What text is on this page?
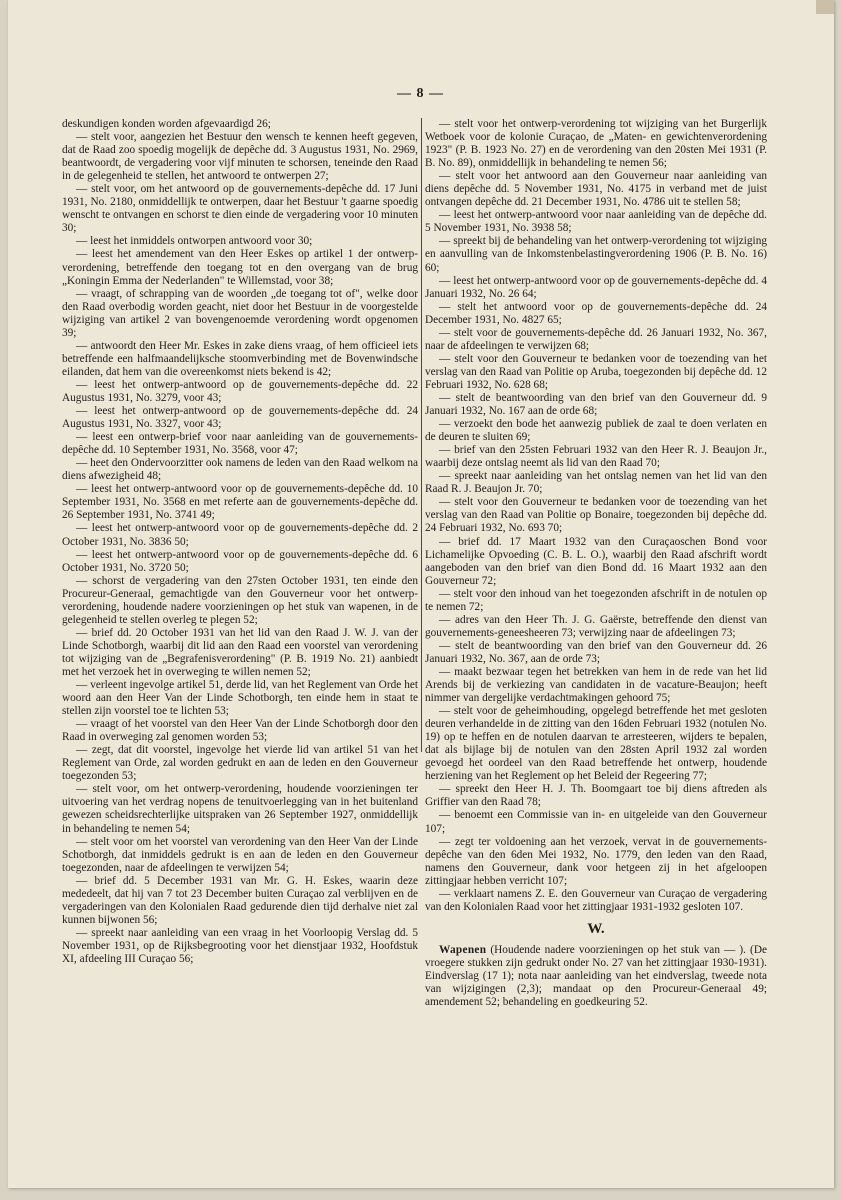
— 8 —

deskundigen konden worden afgevaardigd 26;

— stelt voor, aangezien het Bestuur den wensch te kennen heeft gegeven, dat de Raad zoo spoedig mogelijk de depêche dd. 3 Augustus 1931, No. 2969, beantwoordt, de vergadering voor vijf minuten te schorsen, teneinde den Raad in de gelegenheid te stellen, het antwoord te ontwerpen 27;

— stelt voor, om het antwoord op de gouvernements-depêche dd. 17 Juni 1931, No. 2180, onmiddellijk te ontwerpen, daar het Bestuur 't gaarne spoedig wenscht te ontvangen en schorst te dien einde de vergadering voor 10 minuten 30;

— leest het inmiddels ontworpen antwoord voor 30;

— leest het amendement van den Heer Eskes op artikel 1 der ontwerp-verordening, betreffende den toegang tot en den overgang van de brug „Koningin Emma der Nederlanden" te Willemstad, voor 38;

— vraagt, of schrapping van de woorden „de toegang tot of", welke door den Raad overbodig worden geacht, niet door het Bestuur in de voorgestelde wijziging van artikel 2 van bovengenoemde verordening wordt opgenomen 39;

— antwoordt den Heer Mr. Eskes in zake diens vraag, of hem officieel iets betreffende een halfmaandelijksche stoomverbinding met de Bovenwindsche eilanden, dat hem van die overeenkomst niets bekend is 42;

— leest het ontwerp-antwoord op de gouvernements-depêche dd. 22 Augustus 1931, No. 3279, voor 43;

— leest het ontwerp-antwoord op de gouvernements-depêche dd. 24 Augustus 1931, No. 3327, voor 43;

— leest een ontwerp-brief voor naar aanleiding van de gouvernements-depêche dd. 10 September 1931, No. 3568, voor 47;

— heet den Ondervoorzitter ook namens de leden van den Raad welkom na diens afwezigheid 48;

— leest het ontwerp-antwoord voor op de gouvernements-depêche dd. 10 September 1931, No. 3568 en met referte aan de gouvernements-depêche dd. 26 September 1931, No. 3741 49;

— leest het ontwerp-antwoord voor op de gouvernements-depêche dd. 2 October 1931, No. 3836 50;

— leest het ontwerp-antwoord voor op de gouvernements-depêche dd. 6 October 1931, No. 3720 50;

— schorst de vergadering van den 27sten October 1931, ten einde den Procureur-Generaal, gemachtigde van den Gouverneur voor het ontwerp-verordening, houdende nadere voorzieningen op het stuk van wapenen, in de gelegenheid te stellen overleg te plegen 52;

— brief dd. 20 October 1931 van het lid van den Raad J. W. J. van der Linde Schotborgh, waarbij dit lid aan den Raad een voorstel van verordening tot wijziging van de „Begrafenisverordening" (P. B. 1919 No. 21) aanbiedt met het verzoek het in overweging te willen nemen 52;

— verleent ingevolge artikel 51, derde lid, van het Reglement van Orde het woord aan den Heer Van der Linde Schotborgh, ten einde hem in staat te stellen zijn voorstel toe te lichten 53;

— vraagt of het voorstel van den Heer Van der Linde Schotborgh door den Raad in overweging zal genomen worden 53;

— zegt, dat dit voorstel, ingevolge het vierde lid van artikel 51 van het Reglement van Orde, zal worden gedrukt en aan de leden en den Gouverneur toegezonden 53;

— stelt voor, om het ontwerp-verordening, houdende voorzieningen ter uitvoering van het verdrag nopens de tenuitvoerlegging van in het buitenland gewezen scheidsrechterlijke uitspraken van 26 September 1927, onmiddellijk in behandeling te nemen 54;

— stelt voor om het voorstel van verordening van den Heer Van der Linde Schotborgh, dat inmiddels gedrukt is en aan de leden en den Gouverneur toegezonden, naar de afdeelingen te verwijzen 54;

— brief dd. 5 December 1931 van Mr. G. H. Eskes, waarin deze mededeelt, dat hij van 7 tot 23 December buiten Curaçao zal verblijven en de vergaderingen van den Kolonialen Raad gedurende dien tijd derhalve niet zal kunnen bijwonen 56;

— spreekt naar aanleiding van een vraag in het Voorloopig Verslag dd. 5 November 1931, op de Rijksbegrooting voor het dienstjaar 1932, Hoofdstuk XI, afdeeling III Curaçao 56;

— stelt voor het ontwerp-verordening tot wijziging van het Burgerlijk Wetboek voor de kolonie Curaçao, de „Maten- en gewichtenverordening 1923" (P. B. 1923 No. 27) en de verordening van den 20sten Mei 1931 (P. B. No. 89), onmiddellijk in behandeling te nemen 56;

— stelt voor het antwoord aan den Gouverneur naar aanleiding van diens depêche dd. 5 November 1931, No. 4175 in verband met de juist ontvangen depêche dd. 21 December 1931, No. 4786 uit te stellen 58;

— leest het ontwerp-antwoord voor naar aanleiding van de depêche dd. 5 November 1931, No. 3938 58;

— spreekt bij de behandeling van het ontwerp-verordening tot wijziging en aanvulling van de Inkomstenbelastingverordening 1906 (P. B. No. 16) 60;

— leest het ontwerp-antwoord voor op de gouvernements-depêche dd. 4 Januari 1932, No. 26 64;

— stelt het antwoord voor op de gouvernements-depêche dd. 24 December 1931, No. 4827 65;

— stelt voor de gouvernements-depêche dd. 26 Januari 1932, No. 367, naar de afdeelingen te verwijzen 68;

— stelt voor den Gouverneur te bedanken voor de toezending van het verslag van den Raad van Politie op Aruba, toegezonden bij depêche dd. 12 Februari 1932, No. 628 68;

— stelt de beantwoording van den brief van den Gouverneur dd. 9 Januari 1932, No. 167 aan de orde 68;

— verzoekt den bode het aanwezig publiek de zaal te doen verlaten en de deuren te sluiten 69;

— brief van den 25sten Februari 1932 van den Heer R. J. Beaujon Jr., waarbij deze ontslag neemt als lid van den Raad 70;

— spreekt naar aanleiding van het ontslag nemen van het lid van den Raad R. J. Beaujon Jr. 70;

— stelt voor den Gouverneur te bedanken voor de toezending van het verslag van den Raad van Politie op Bonaire, toegezonden bij depêche dd. 24 Februari 1932, No. 693 70;

— brief dd. 17 Maart 1932 van den Curaçaoschen Bond voor Lichamelijke Opvoeding (C. B. L. O.), waarbij den Raad afschrift wordt aangeboden van den brief van dien Bond dd. 16 Maart 1932 aan den Gouverneur 72;

— stelt voor den inhoud van het toegezonden afschrift in de notulen op te nemen 72;

— adres van den Heer Th. J. G. Gaërste, betreffende den dienst van gouvernements-geneesheeren 73; verwijzing naar de afdeelingen 73;

— stelt de beantwoording van den brief van den Gouverneur dd. 26 Januari 1932, No. 367, aan de orde 73;

— maakt bezwaar tegen het betrekken van hem in de rede van het lid Arends bij de verkiezing van candidaten in de vacature-Beaujon; heeft nimmer van dergelijke verdachtmakingen gehoord 75;

— stelt voor de geheimhouding, opgelegd betreffende het met gesloten deuren verhandelde in de zitting van den 16den Februari 1932 (notulen No. 19) op te heffen en de notulen daarvan te arresteeren, wijders te bepalen, dat als bijlage bij de notulen van den 28sten April 1932 zal worden gevoegd het oordeel van den Raad betreffende het ontwerp, houdende herziening van het Reglement op het Beleid der Regeering 77;

— spreekt den Heer H. J. Th. Boomgaart toe bij diens aftreden als Griffier van den Raad 78;

— benoemt een Commissie van in- en uitgeleide van den Gouverneur 107;

— zegt ter voldoening aan het verzoek, vervat in de gouvernements-depêche van den 6den Mei 1932, No. 1779, den leden van den Raad, namens den Gouverneur, dank voor hetgeen zij in het afgeloopen zittingjaar hebben verricht 107;

— verklaart namens Z. E. den Gouverneur van Curaçao de vergadering van den Kolonialen Raad voor het zittingjaar 1931-1932 gesloten 107.

W.

Wapenen (Houdende nadere voorzieningen op het stuk van — ). (De vroegere stukken zijn gedrukt onder No. 27 van het zittingjaar 1930-1931). Eindverslag (17 1); nota naar aanleiding van het eindverslag, tweede nota van wijzigingen (2,3); mandaat op den Procureur-Generaal 49; amendement 52; behandeling en goedkeuring 52.
